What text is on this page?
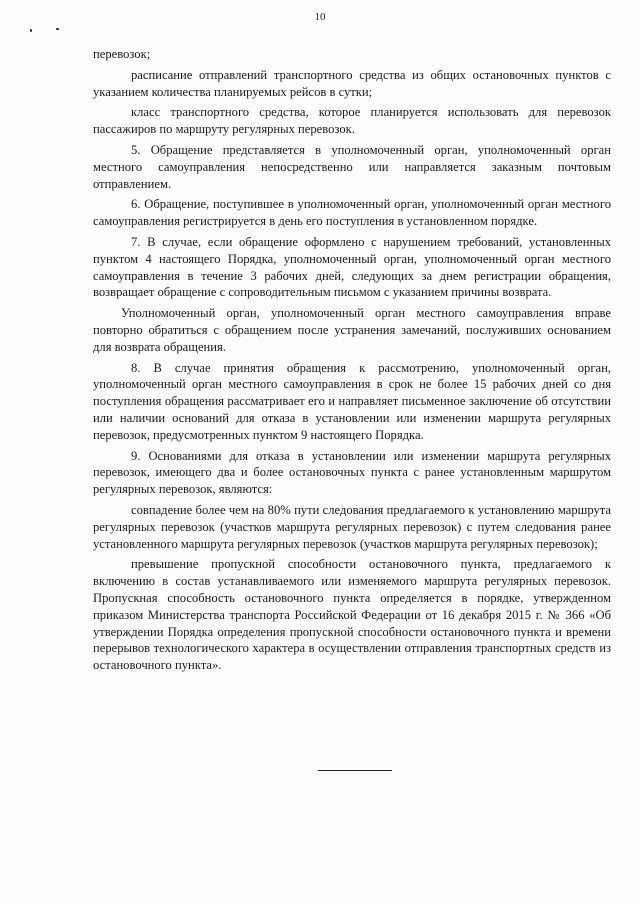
10

перевозок;

расписание отправлений транспортного средства из общих остановочных пунктов с указанием количества планируемых рейсов в сутки;

класс транспортного средства, которое планируется использовать для перевозок пассажиров по маршруту регулярных перевозок.

5. Обращение представляется в уполномоченный орган, уполномоченный орган местного самоуправления непосредственно или направляется заказным почтовым отправлением.

6. Обращение, поступившее в уполномоченный орган, уполномоченный орган местного самоуправления регистрируется в день его поступления в установленном порядке.

7. В случае, если обращение оформлено с нарушением требований, установленных пунктом 4 настоящего Порядка, уполномоченный орган, уполномоченный орган местного самоуправления в течение 3 рабочих дней, следующих за днем регистрации обращения, возвращает обращение с сопроводительным письмом с указанием причины возврата.

Уполномоченный орган, уполномоченный орган местного самоуправления вправе повторно обратиться с обращением после устранения замечаний, послуживших основанием для возврата обращения.

8. В случае принятия обращения к рассмотрению, уполномоченный орган, уполномоченный орган местного самоуправления в срок не более 15 рабочих дней со дня поступления обращения рассматривает его и направляет письменное заключение об отсутствии или наличии оснований для отказа в установлении или изменении маршрута регулярных перевозок, предусмотренных пунктом 9 настоящего Порядка.

9. Основаниями для отказа в установлении или изменении маршрута регулярных перевозок, имеющего два и более остановочных пункта с ранее установленным маршрутом регулярных перевозок, являются:

совпадение более чем на 80% пути следования предлагаемого к установлению маршрута регулярных перевозок (участков маршрута регулярных перевозок) с путем следования ранее установленного маршрута регулярных перевозок (участков маршрута регулярных перевозок);

превышение пропускной способности остановочного пункта, предлагаемого к включению в состав устанавливаемого или изменяемого маршрута регулярных перевозок. Пропускная способность остановочного пункта определяется в порядке, утвержденном приказом Министерства транспорта Российской Федерации от 16 декабря 2015 г. № 366 «Об утверждении Порядка определения пропускной способности остановочного пункта и времени перерывов технологического характера в осуществлении отправления транспортных средств из остановочного пункта».
